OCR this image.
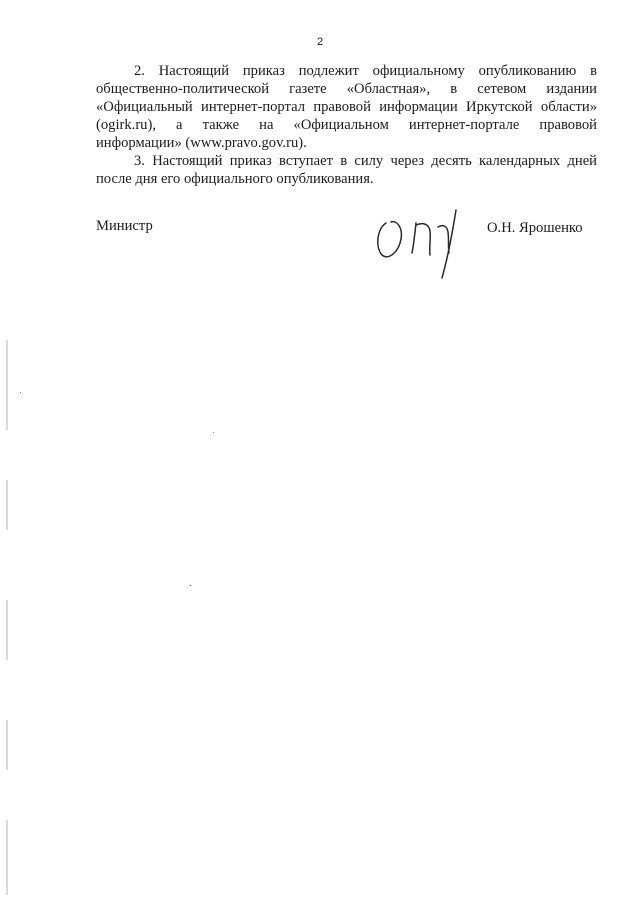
2

2. Настоящий приказ подлежит официальному опубликованию в
общественно-политической газете «Областная», в сетевом издании
«Официальный интернет-портал правовой информации Иркутской области»
(ogirk.ru), а также на «Официальном интернет-портале правовой
информации» (www.pravo.gov.ru).

3. Настоящий приказ вступает в силу через десять календарных дней
после дня его официального опубликования.

Министр	О.Н. Ярошенко
